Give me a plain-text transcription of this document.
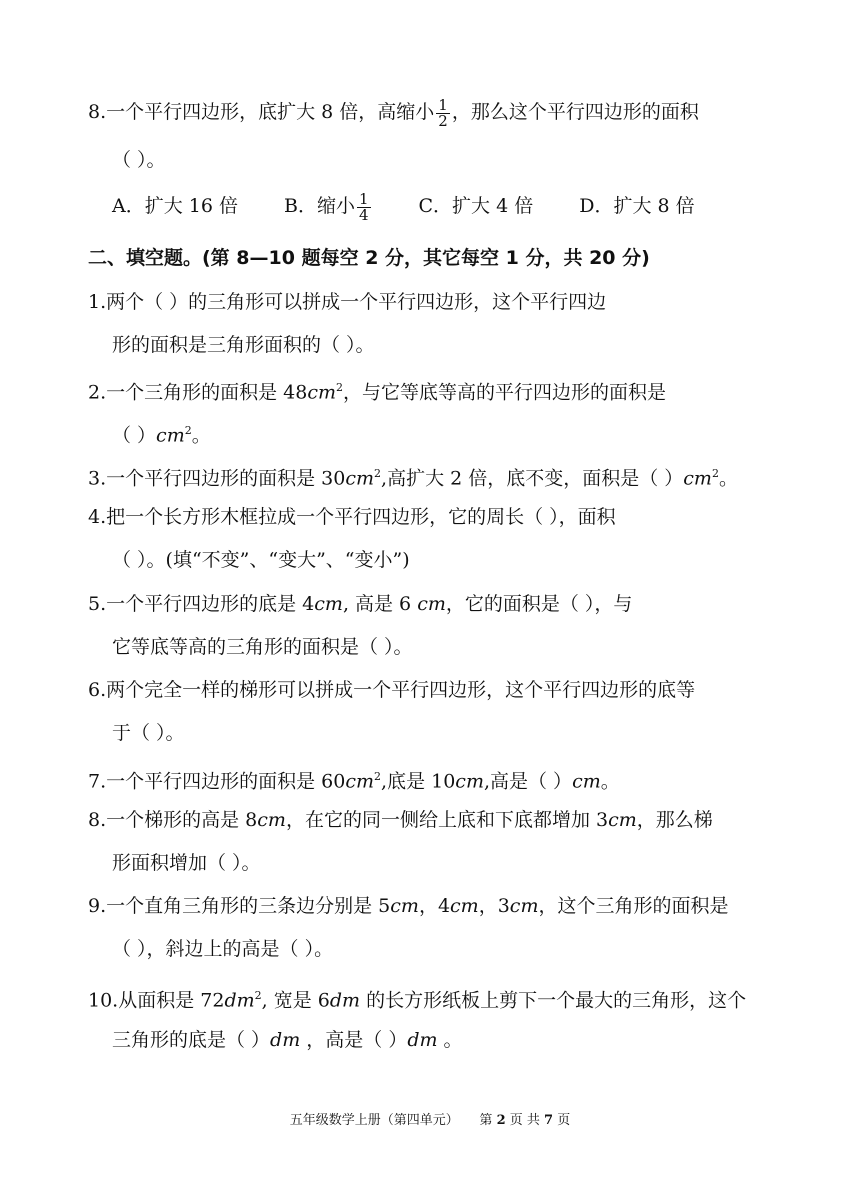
8.一个平行四边形，底扩大 8 倍，高缩小 $\frac{1}{2}$ ，那么这个平行四边形的面积
（ ）。
A．扩大 16 倍 B．缩小 $\frac{1}{4}$	C．扩大 4 倍 D．扩大 8 倍
二、填空题。(第 8—10 题每空 2 分，其它每空 1 分，共 20 分)
1.两个（ ）的三角形可以拼成一个平行四边形，这个平行四边
形的面积是三角形面积的（ ）。
2.一个三角形的面积是 $48cm^2$，与它等底等高的平行四边形的面积是
（ ）$cm^2$。
3.一个平行四边形的面积是 $30cm^2$,高扩大 2 倍，底不变，面积是（ ）$cm^2$。
4.把一个长方形木框拉成一个平行四边形，它的周长（ ），面积
（ ）。(填“不变”、“变大”、“变小”)
5.一个平行四边形的底是 4cm, 高是 6 cm，它的面积是（ ），与
它等底等高的三角形的面积是（ ）。
6.两个完全一样的梯形可以拼成一个平行四边形，这个平行四边形的底等
于（ ）。
7.一个平行四边形的面积是 $60cm^2$,底是 10cm,高是（ ）cm。
8.一个梯形的高是 8cm，在它的同一侧给上底和下底都增加 3cm，那么梯
形面积增加（ ）。
9.一个直角三角形的三条边分别是 5cm，4cm，3cm，这个三角形的面积是
（ ），斜边上的高是（ ）。
10.从面积是 $72dm^2$, 宽是 6dm 的长方形纸板上剪下一个最大的三角形，这个
三角形的底是（ ）dm ，高是（ ）dm 。
五年级数学上册（第四单元） 第 2 页 共 7 页
